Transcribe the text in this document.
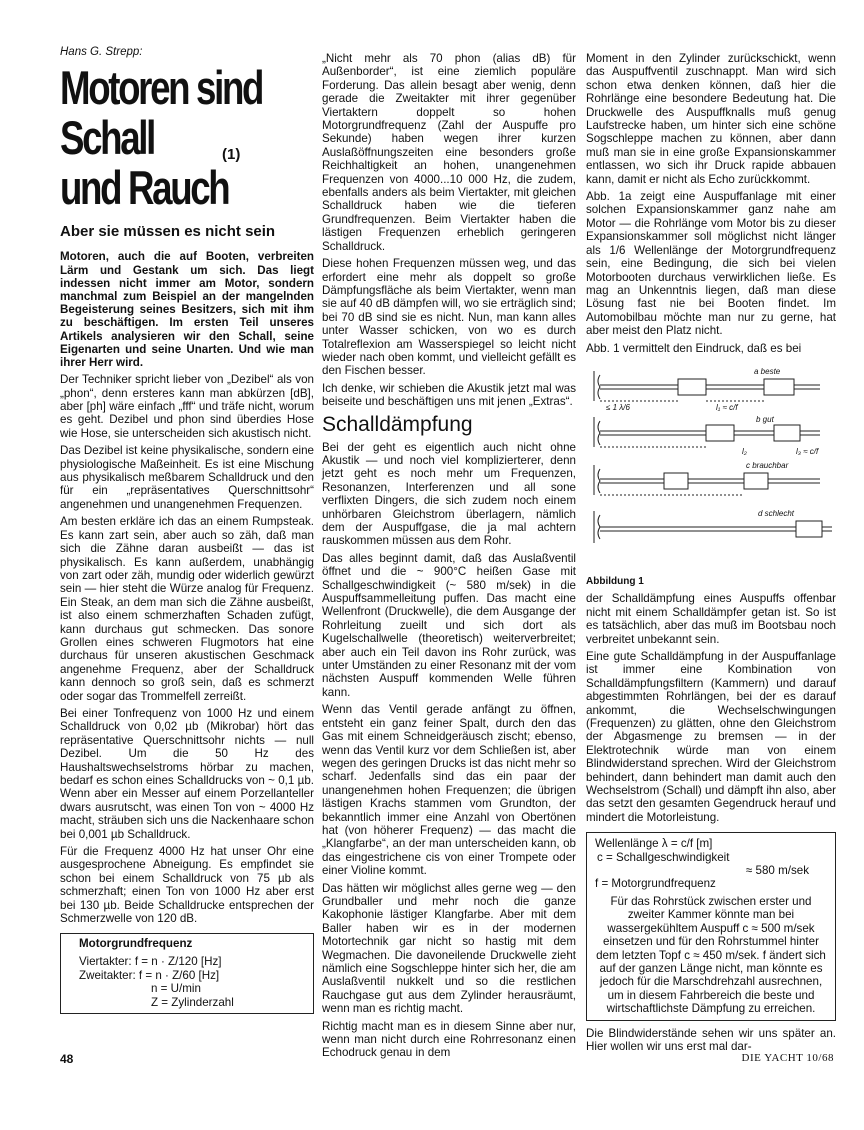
Hans G. Strepp:
Motoren sind
Schall
und Rauch
Aber sie müssen es nicht sein

Motoren, auch die auf Booten, verbreiten Lärm und Gestank um sich. Das liegt indessen nicht immer am Motor, sondern manchmal zum Beispiel an der mangelnden Begeisterung seines Besitzers, sich mit ihm zu beschäftigen. Im ersten Teil unseres Artikels analysieren wir den Schall, seine Eigenarten und seine Unarten. Und wie man ihrer Herr wird.

Der Techniker spricht lieber von „Dezibel“ als von „phon“, denn ersteres kann man abkürzen [dB], aber [ph] wäre einfach „fff“ und träfe nicht, worum es geht. Dezibel und phon sind überdies Hose wie Hose, sie unterscheiden sich akustisch nicht.

Das Dezibel ist keine physikalische, sondern eine physiologische Maßeinheit. Es ist eine Mischung aus physikalisch meßbarem Schalldruck und den für ein „repräsentatives Querschnittsohr“ angenehmen und unangenehmen Frequenzen.

Am besten erkläre ich das an einem Rumpsteak. Es kann zart sein, aber auch so zäh, daß man sich die Zähne daran ausbeißt — das ist physikalisch. Es kann außerdem, unabhängig von zart oder zäh, mundig oder widerlich gewürzt sein — hier steht die Würze analog für Frequenz. Ein Steak, an dem man sich die Zähne ausbeißt, ist also einem schmerzhaften Schaden zufügt, kann durchaus gut schmecken. Das sonore Grollen eines schweren Flugmotors hat eine durchaus für unseren akustischen Geschmack angenehme Frequenz, aber der Schalldruck kann dennoch so groß sein, daß es schmerzt oder sogar das Trommelfell zerreißt.

Bei einer Tonfrequenz von 1000 Hz und einem Schalldruck von 0,02 µb (Mikrobar) hört das repräsentative Querschnittsohr nichts — null Dezibel. Um die 50 Hz des Haushaltswechselstroms hörbar zu machen, bedarf es schon eines Schalldrucks von ~ 0,1 µb. Wenn aber ein Messer auf einem Porzellanteller dwars ausrutscht, was einen Ton von ~ 4000 Hz macht, sträuben sich uns die Nackenhaare schon bei 0,001 µb Schalldruck.

Für die Frequenz 4000 Hz hat unser Ohr eine ausgesprochene Abneigung. Es empfindet sie schon bei einem Schalldruck von 75 µb als schmerzhaft; einen Ton von 1000 Hz aber erst bei 130 µb. Beide Schalldrucke entsprechen der Schmerzwelle von 120 dB.

Motorgrundfrequenz
Viertakter: f = n · Z/120 [Hz]
Zweitakter: f = n · Z/60 [Hz]
n = U/min
Z = Zylinderzahl
(1)

„Nicht mehr als 70 phon (alias dB) für Außenborder“, ist eine ziemlich populäre Forderung. Das allein besagt aber wenig, denn gerade die Zweitakter mit ihrer gegenüber Viertaktern doppelt so hohen Motorgrundfrequenz (Zahl der Auspuffe pro Sekunde) haben wegen ihrer kurzen Auslaßöffnungszeiten eine besonders große Reichhaltigkeit an hohen, unangenehmen Frequenzen von 4000...10 000 Hz, die zudem, ebenfalls anders als beim Viertakter, mit gleichen Schalldruck haben wie die tieferen Grundfrequenzen. Beim Viertakter haben die lästigen Frequenzen erheblich geringeren Schalldruck.

Diese hohen Frequenzen müssen weg, und das erfordert eine mehr als doppelt so große Dämpfungsfläche als beim Viertakter, wenn man sie auf 40 dB dämpfen will, wo sie erträglich sind; bei 70 dB sind sie es nicht. Nun, man kann alles unter Wasser schicken, von wo es durch Totalreflexion am Wasserspiegel so leicht nicht wieder nach oben kommt, und vielleicht gefällt es den Fischen besser.

Ich denke, wir schieben die Akustik jetzt mal was beiseite und beschäftigen uns mit jenen „Extras“.

Schalldämpfung

Bei der geht es eigentlich auch nicht ohne Akustik — und noch viel komplizierterer, denn jetzt geht es noch mehr um Frequenzen, Resonanzen, Interferenzen und all sone verflixten Dingers, die sich zudem noch einem unhörbaren Gleichstrom überlagern, nämlich dem der Auspuffgase, die ja mal achtern rauskommen müssen aus dem Rohr.

Das alles beginnt damit, daß das Auslaßventil öffnet und die ~ 900°C heißen Gase mit Schallgeschwindigkeit (~ 580 m/sek) in die Auspuffsammelleitung puffen. Das macht eine Wellenfront (Druckwelle), die dem Ausgange der Rohrleitung zueilt und sich dort als Kugelschallwelle (theoretisch) weiterverbreitet; aber auch ein Teil davon ins Rohr zurück, was unter Umständen zu einer Resonanz mit der vom nächsten Auspuff kommenden Welle führen kann.

Wenn das Ventil gerade anfängt zu öffnen, entsteht ein ganz feiner Spalt, durch den das Gas mit einem Schneidgeräusch zischt; ebenso, wenn das Ventil kurz vor dem Schließen ist, aber wegen des geringen Drucks ist das nicht mehr so scharf. Jedenfalls sind das ein paar der unangenehmen hohen Frequenzen; die übrigen lästigen Krachs stammen vom Grundton, der bekanntlich immer eine Anzahl von Obertönen hat (von höherer Frequenz) — das macht die „Klangfarbe“, an der man unterscheiden kann, ob das eingestrichene cis von einer Trompete oder einer Violine kommt.

Das hätten wir möglichst alles gerne weg — den Grundballer und mehr noch die ganze Kakophonie lästiger Klangfarbe. Aber mit dem Baller haben wir es in der modernen Motortechnik gar nicht so hastig mit dem Wegmachen. Die davoneilende Druckwelle zieht nämlich eine Sogschleppe hinter sich her, die am Auslaßventil nukkelt und so die restlichen Rauchgase gut aus dem Zylinder herausräumt, wenn man es richtig macht.

Richtig macht man es in diesem Sinne aber nur, wenn man nicht durch eine Rohrresonanz einen Echodruck genau in dem

Moment in den Zylinder zurückschickt, wenn das Auspuffventil zuschnappt. Man wird sich schon etwa denken können, daß hier die Rohrlänge eine besondere Bedeutung hat. Die Druckwelle des Auspuffknalls muß genug Laufstrecke haben, um hinter sich eine schöne Sogschleppe machen zu können, aber dann muß man sie in eine große Expansionskammer entlassen, wo sich ihr Druck rapide abbauen kann, damit er nicht als Echo zurückkommt.

Abb. 1a zeigt eine Auspuffanlage mit einer solchen Expansionskammer ganz nahe am Motor — die Rohrlänge vom Motor bis zu dieser Expansionskammer soll möglichst nicht länger als 1/6 Wellenlänge der Motorgrundfrequenz sein, eine Bedingung, die sich bei vielen Motorbooten durchaus verwirklichen ließe. Es mag an Unkenntnis liegen, daß man diese Lösung fast nie bei Booten findet. Im Automobilbau möchte man nur zu gerne, hat aber meist den Platz nicht.

Abb. 1 vermittelt den Eindruck, daß es bei

a beste
b gut
c brauchbar
d schlecht
≤ 1 λ/6	l₁ ≈ c/f
l₂	l₃ ≈ c/f
Abbildung 1

der Schalldämpfung eines Auspuffs offenbar nicht mit einem Schalldämpfer getan ist. So ist es tatsächlich, aber das muß im Bootsbau noch verbreitet unbekannt sein.

Eine gute Schalldämpfung in der Auspuffanlage ist immer eine Kombination von Schalldämpfungsfiltern (Kammern) und darauf abgestimmten Rohrlängen, bei der es darauf ankommt, die Wechselschwingungen (Frequenzen) zu glätten, ohne den Gleichstrom der Abgasmenge zu bremsen — in der Elektrotechnik würde man von einem Blindwiderstand sprechen. Wird der Gleichstrom behindert, dann behindert man damit auch den Wechselstrom (Schall) und dämpft ihn also, aber das setzt den gesamten Gegendruck herauf und mindert die Motorleistung.

Wellenlänge λ = c/f [m]
c = Schallgeschwindigkeit
≈ 580 m/sek
f = Motorgrundfrequenz
Für das Rohrstück zwischen erster und zweiter Kammer könnte man bei wassergekühltem Auspuff c ≈ 500 m/sek einsetzen und für den Rohrstummel hinter dem letzten Topf c ≈ 450 m/sek. f ändert sich auf der ganzen Länge nicht, man könnte es jedoch für die Marschdrehzahl ausrechnen, um in diesem Fahrbereich die beste und wirtschaftlichste Dämpfung zu erreichen.

Die Blindwiderstände sehen wir uns später an. Hier wollen wir uns erst mal dar-

48	DIE YACHT 10/68
